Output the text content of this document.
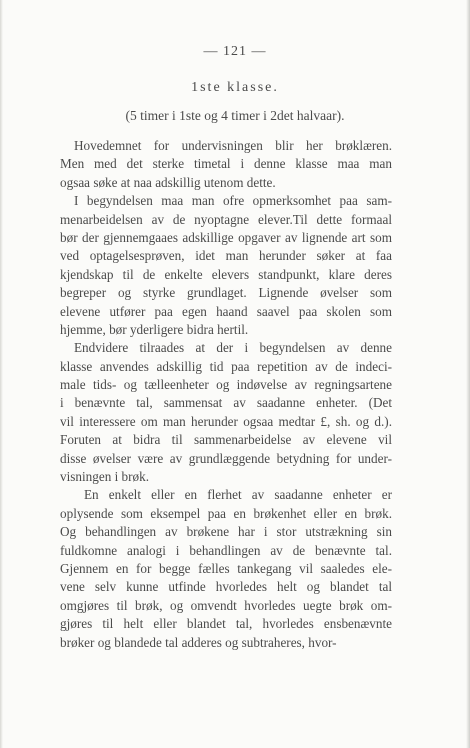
— 121 —
1ste klasse.
(5 timer i 1ste og 4 timer i 2det halvaar).
Hovedemnet for undervisningen blir her brøklæren.
Men med det sterke timetal i denne klasse maa man
ogsaa søke at naa adskillig utenom dette.
I begyndelsen maa man ofre opmerksomhet paa sam-
menarbeidelsen av de nyoptagne elever.Til dette formaal
bør der gjennemgaaes adskillige opgaver av lignende art som
ved optagelsesprøven, idet man herunder søker at faa
kjendskap til de enkelte elevers standpunkt, klare deres
begreper og styrke grundlaget. Lignende øvelser som
elevene utfører paa egen haand saavel paa skolen som
hjemme, bør yderligere bidra hertil.
Endvidere tilraades at der i begyndelsen av denne
klasse anvendes adskillig tid paa repetition av de indeci-
male tids- og tælleenheter og indøvelse av regningsartene
i benævnte tal, sammensat av saadanne enheter. (Det
vil interessere om man herunder ogsaa medtar £, sh. og d.).
Foruten at bidra til sammenarbeidelse av elevene vil
disse øvelser være av grundlæggende betydning for under-
visningen i brøk.
En enkelt eller en flerhet av saadanne enheter er
oplysende som eksempel paa en brøkenhet eller en brøk.
Og behandlingen av brøkene har i stor utstrækning sin
fuldkomne analogi i behandlingen av de benævnte tal.
Gjennem en for begge fælles tankegang vil saaledes ele-
vene selv kunne utfinde hvorledes helt og blandet tal
omgjøres til brøk, og omvendt hvorledes uegte brøk om-
gjøres til helt eller blandet tal, hvorledes ensbenævnte
brøker og blandede tal adderes og subtraheres, hvor-
